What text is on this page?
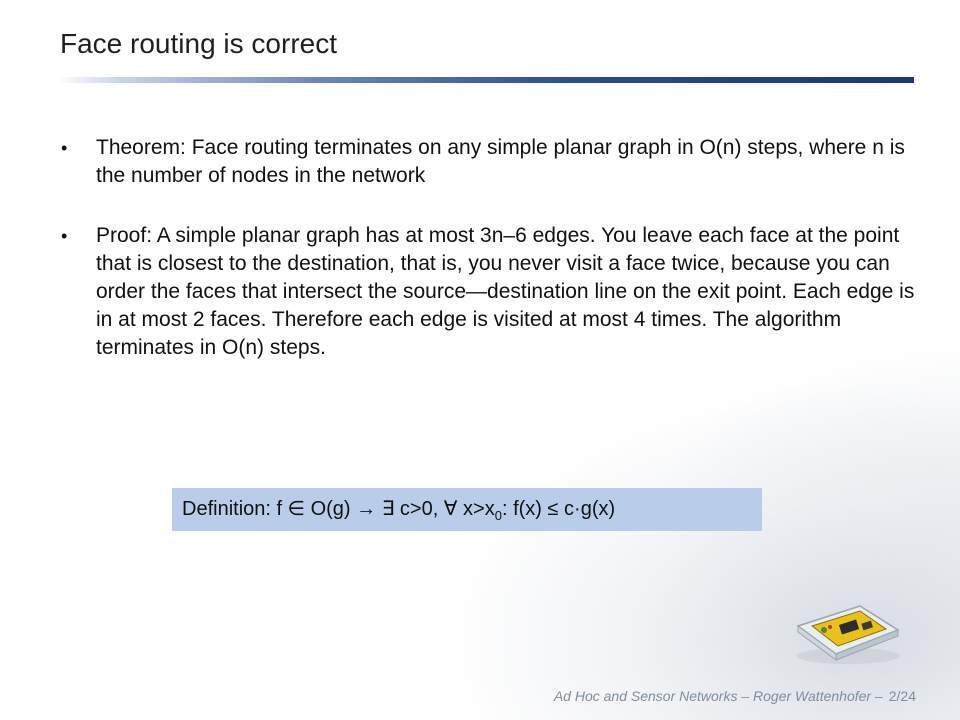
Face routing is correct
• Theorem: Face routing terminates on any simple planar graph in O(n) steps, where n is the number of nodes in the network
• Proof: A simple planar graph has at most 3n–6 edges. You leave each face at the point that is closest to the destination, that is, you never visit a face twice, because you can order the faces that intersect the source—destination line on the exit point. Each edge is in at most 2 faces. Therefore each edge is visited at most 4 times. The algorithm terminates in O(n) steps.
Definition: f ∈ O(g) → ∃ c>0, ∀ $x>x_0$: f(x) ≤ c·g(x)
Ad Hoc and Sensor Networks – Roger Wattenhofer – 2/24
